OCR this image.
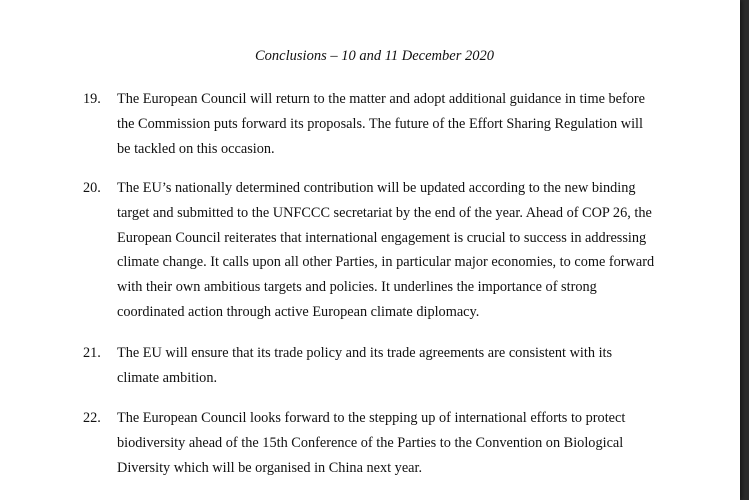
Conclusions – 10 and 11 December 2020
19.	The European Council will return to the matter and adopt additional guidance in time before
the Commission puts forward its proposals. The future of the Effort Sharing Regulation will
be tackled on this occasion.
20.	The EU’s nationally determined contribution will be updated according to the new binding
target and submitted to the UNFCCC secretariat by the end of the year. Ahead of COP 26, the
European Council reiterates that international engagement is crucial to success in addressing
climate change. It calls upon all other Parties, in particular major economies, to come forward
with their own ambitious targets and policies. It underlines the importance of strong
coordinated action through active European climate diplomacy.
21.	The EU will ensure that its trade policy and its trade agreements are consistent with its
climate ambition.
22.	The European Council looks forward to the stepping up of international efforts to protect
biodiversity ahead of the 15th Conference of the Parties to the Convention on Biological
Diversity which will be organised in China next year.
